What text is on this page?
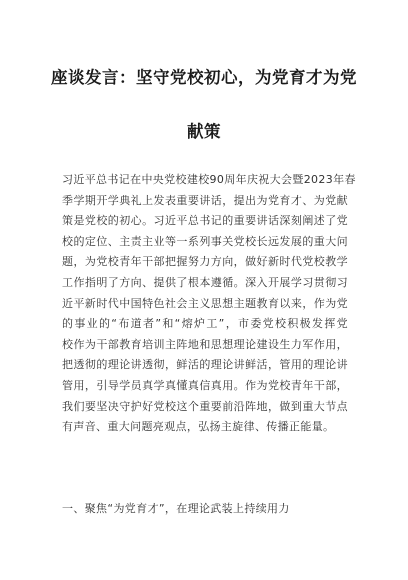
座谈发言：坚守党校初心，为党育才为党
献策

习近平总书记在中央党校建校90周年庆祝大会暨2023年春
季学期开学典礼上发表重要讲话，提出为党育才、为党献
策是党校的初心。习近平总书记的重要讲话深刻阐述了党
校的定位、主责主业等一系列事关党校长远发展的重大问
题，为党校青年干部把握努力方向，做好新时代党校教学
工作指明了方向、提供了根本遵循。深入开展学习贯彻习
近平新时代中国特色社会主义思想主题教育以来，作为党
的事业的“布道者”和“熔炉工”，市委党校积极发挥党
校作为干部教育培训主阵地和思想理论建设生力军作用，
把透彻的理论讲透彻，鲜活的理论讲鲜活，管用的理论讲
管用，引导学员真学真懂真信真用。作为党校青年干部，
我们要坚决守护好党校这个重要前沿阵地，做到重大节点
有声音、重大问题亮观点，弘扬主旋律、传播正能量。

一、聚焦“为党育才”，在理论武装上持续用力
